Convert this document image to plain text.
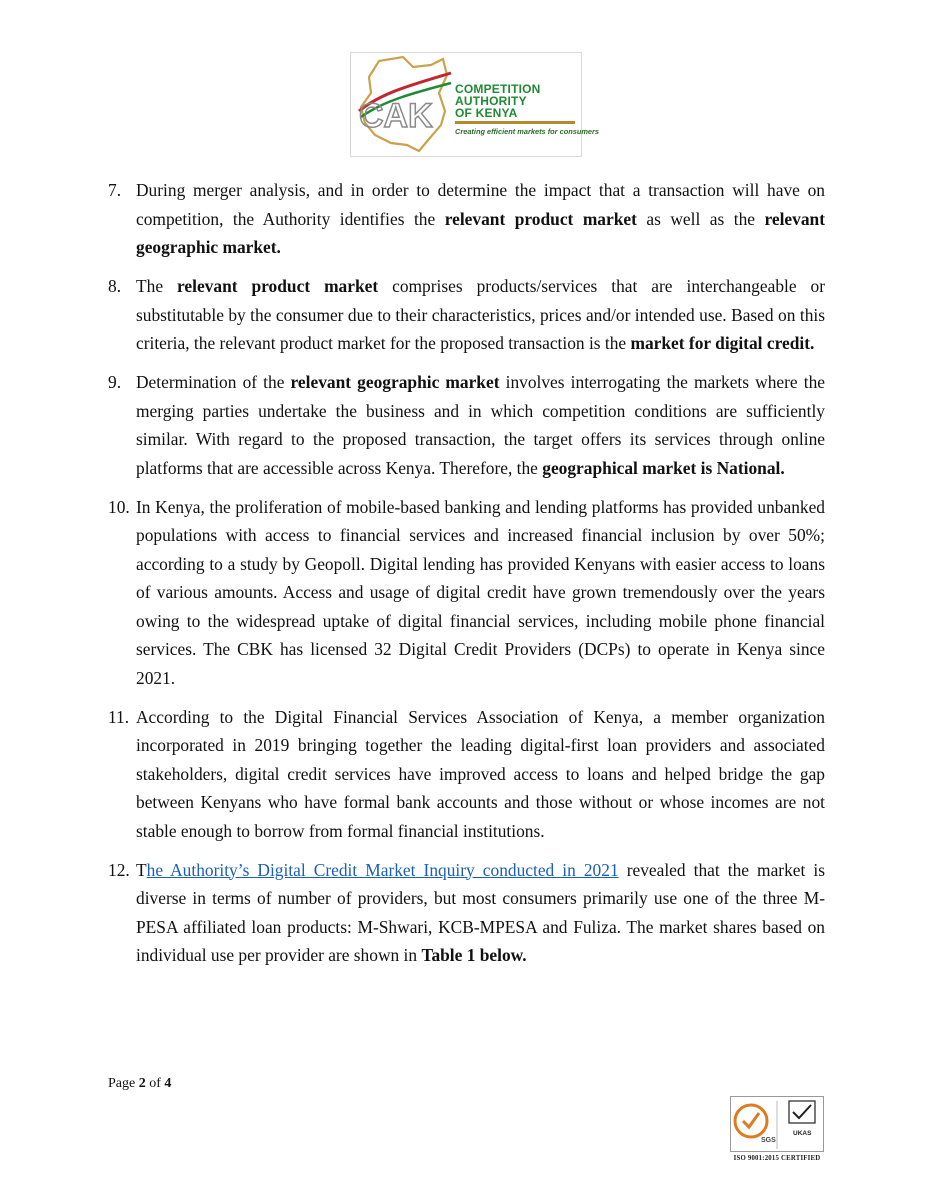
CAK
COMPETITION
AUTHORITY
OF KENYA
Creating efficient markets for consumers
7. During merger analysis, and in order to determine the impact that a transaction will have on competition, the Authority identifies the relevant product market as well as the relevant geographic market.
8. The relevant product market comprises products/services that are interchangeable or substitutable by the consumer due to their characteristics, prices and/or intended use. Based on this criteria, the relevant product market for the proposed transaction is the market for digital credit.
9. Determination of the relevant geographic market involves interrogating the markets where the merging parties undertake the business and in which competition conditions are sufficiently similar. With regard to the proposed transaction, the target offers its services through online platforms that are accessible across Kenya. Therefore, the geographical market is National.
10. In Kenya, the proliferation of mobile-based banking and lending platforms has provided unbanked populations with access to financial services and increased financial inclusion by over 50%; according to a study by Geopoll. Digital lending has provided Kenyans with easier access to loans of various amounts. Access and usage of digital credit have grown tremendously over the years owing to the widespread uptake of digital financial services, including mobile phone financial services. The CBK has licensed 32 Digital Credit Providers (DCPs) to operate in Kenya since 2021.
11. According to the Digital Financial Services Association of Kenya, a member organization incorporated in 2019 bringing together the leading digital-first loan providers and associated stakeholders, digital credit services have improved access to loans and helped bridge the gap between Kenyans who have formal bank accounts and those without or whose incomes are not stable enough to borrow from formal financial institutions.
12. The Authority’s Digital Credit Market Inquiry conducted in 2021 revealed that the market is diverse in terms of number of providers, but most consumers primarily use one of the three M-PESA affiliated loan products: M-Shwari, KCB-MPESA and Fuliza. The market shares based on individual use per provider are shown in Table 1 below.
Page 2 of 4
SGS
UKAS
ISO 9001:2015 CERTIFIED
